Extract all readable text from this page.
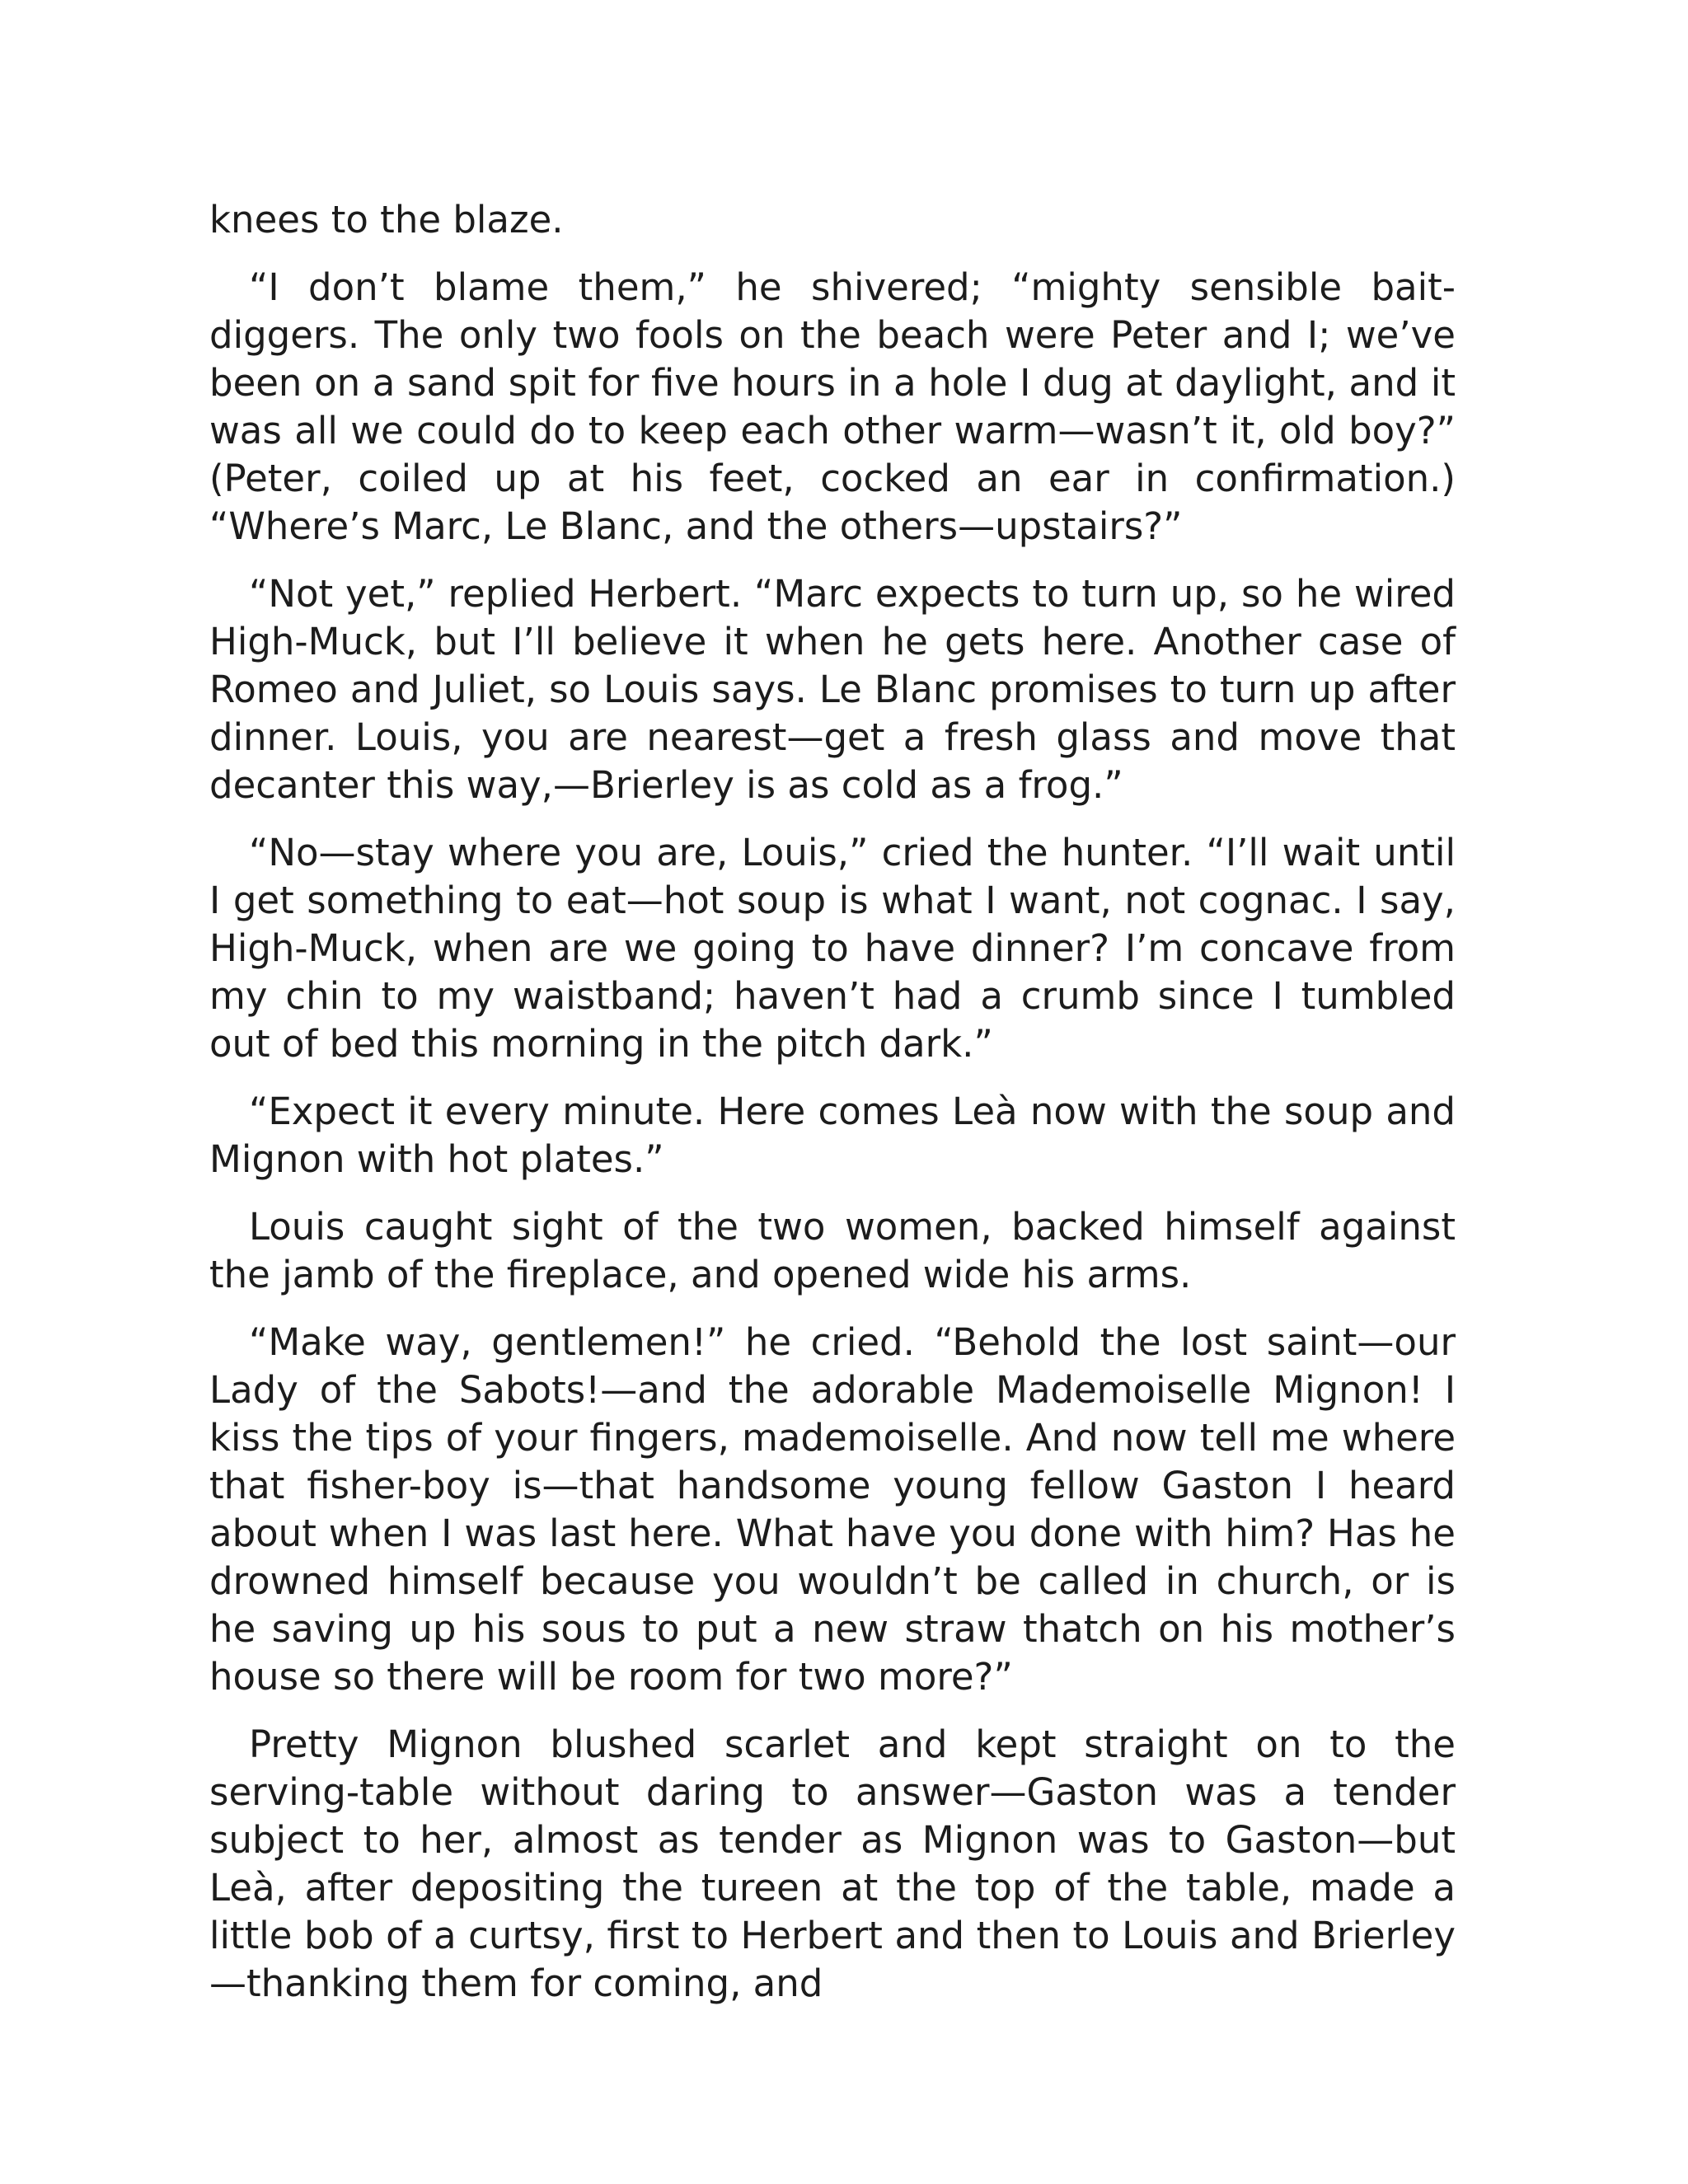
knees to the blaze.

“I don’t blame them,” he shivered; “mighty sensible bait-diggers. The only two fools on the beach were Peter and I; we’ve been on a sand spit for five hours in a hole I dug at daylight, and it was all we could do to keep each other warm—wasn’t it, old boy?” (Peter, coiled up at his feet, cocked an ear in confirmation.) “Where’s Marc, Le Blanc, and the others—upstairs?”

“Not yet,” replied Herbert. “Marc expects to turn up, so he wired High-Muck, but I’ll believe it when he gets here. Another case of Romeo and Juliet, so Louis says. Le Blanc promises to turn up after dinner. Louis, you are nearest—get a fresh glass and move that decanter this way,—Brierley is as cold as a frog.”

“No—stay where you are, Louis,” cried the hunter. “I’ll wait until I get something to eat—hot soup is what I want, not cognac. I say, High-Muck, when are we going to have dinner? I’m concave from my chin to my waistband; haven’t had a crumb since I tumbled out of bed this morning in the pitch dark.”

“Expect it every minute. Here comes Leà now with the soup and Mignon with hot plates.”

Louis caught sight of the two women, backed himself against the jamb of the fireplace, and opened wide his arms.

“Make way, gentlemen!” he cried. “Behold the lost saint—our Lady of the Sabots!—and the adorable Mademoiselle Mignon! I kiss the tips of your fingers, mademoiselle. And now tell me where that fisher-boy is—that handsome young fellow Gaston I heard about when I was last here. What have you done with him? Has he drowned himself because you wouldn’t be called in church, or is he saving up his sous to put a new straw thatch on his mother’s house so there will be room for two more?”

Pretty Mignon blushed scarlet and kept straight on to the serving-table without daring to answer—Gaston was a tender subject to her, almost as tender as Mignon was to Gaston—but Leà, after depositing the tureen at the top of the table, made a little bob of a curtsy, first to Herbert and then to Louis and Brierley—thanking them for coming, and
